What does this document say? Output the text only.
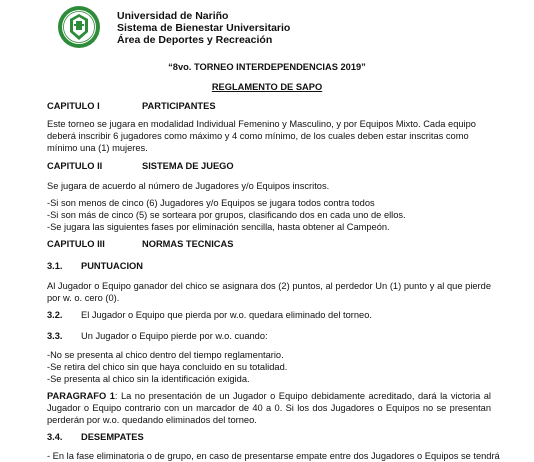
Universidad de Nariño
Sistema de Bienestar Universitario
Área de Deportes y Recreación
“8vo. TORNEO INTERDEPENDENCIAS 2019”
REGLAMENTO DE SAPO
CAPITULO I	PARTICIPANTES
Este torneo se jugara en modalidad Individual Femenino y Masculino, y por Equipos Mixto. Cada equipo deberá inscribir 6 jugadores como máximo y 4 como mínimo, de los cuales deben estar inscritas como mínimo una (1) mujeres.
CAPITULO II	SISTEMA DE JUEGO
Se jugara de acuerdo al número de Jugadores y/o Equipos inscritos.
-Si son menos de cinco (6) Jugadores y/o Equipos se jugara todos contra todos
-Si son más de cinco (5) se sorteara por grupos, clasificando dos en cada uno de ellos.
-Se jugara las siguientes fases por eliminación sencilla, hasta obtener al Campeón.
CAPITULO III	NORMAS TECNICAS
3.1. PUNTUACION
Al Jugador o Equipo ganador del chico se asignara dos (2) puntos, al perdedor Un (1) punto y al que pierde por w. o. cero (0).
3.2. El Jugador o Equipo que pierda por w.o. quedara eliminado del torneo.
3.3. Un Jugador o Equipo pierde por w.o. cuando:
-No se presenta al chico dentro del tiempo reglamentario.
-Se retira del chico sin que haya concluido en su totalidad.
-Se presenta al chico sin la identificación exigida.
PARAGRAFO 1: La no presentación de un Jugador o Equipo debidamente acreditado, dará la victoria al Jugador o Equipo contrario con un marcador de 40 a 0. Si los dos Jugadores o Equipos no se presentan perderán por w.o. quedando eliminados del torneo.
3.4. DESEMPATES
- En la fase eliminatoria o de grupo, en caso de presentarse empate entre dos Jugadores o Equipos se tendrá
